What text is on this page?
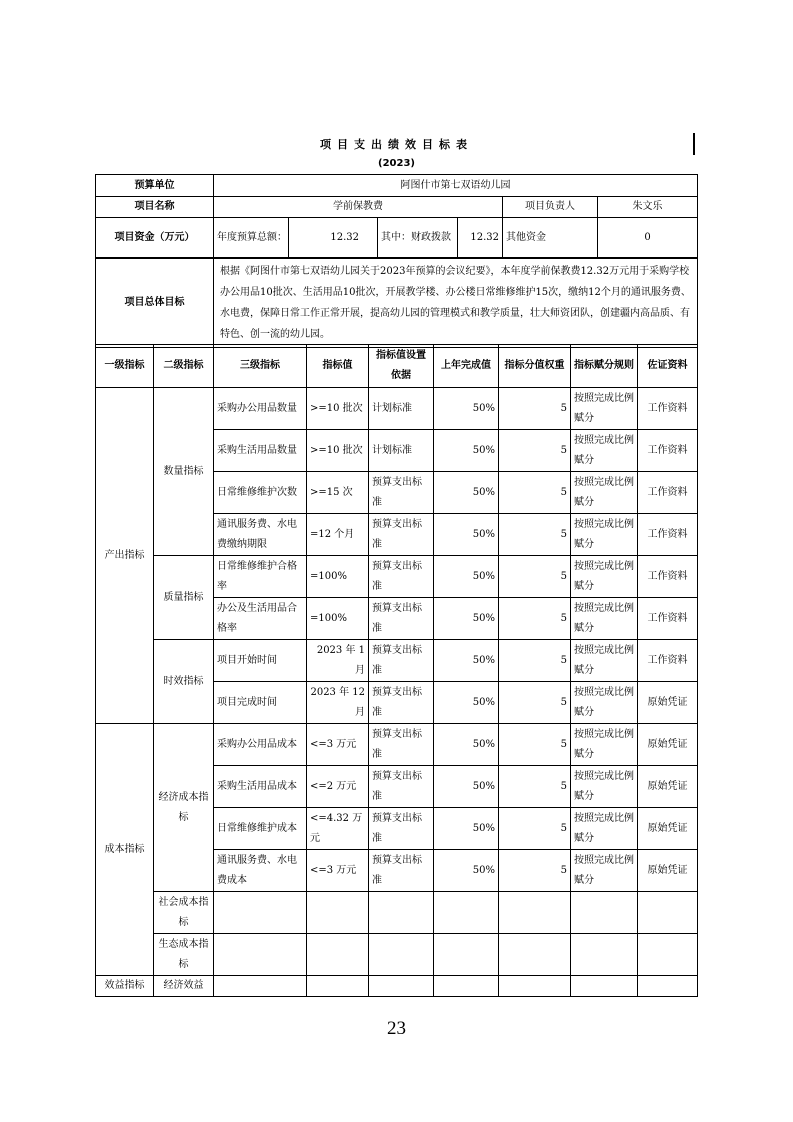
项目支出绩效目标表
(2023)
预算单位	阿图什市第七双语幼儿园					
项目名称	学前保教费				项目负责人	朱文乐
项目资金（万元）	年度预算总额：	12.32	其中：财政拨款	12.32	其他资金	0
项目总体目标	根据《阿图什市第七双语幼儿园关于2023年预算的会议纪要》，本年度学前保教费12.32万元用于采购学校办公用品10批次、生活用品10批次，开展教学楼、办公楼日常维修维护15次，缴纳12个月的通讯服务费、水电费，保障日常工作正常开展，提高幼儿园的管理模式和教学质量，壮大师资团队，创建疆内高品质、有特色、创一流的幼儿园。
一级指标	二级指标	三级指标	指标值	指标值设置依据	上年完成值	指标分值权重	指标赋分规则	佐证资料
产出指标	数量指标	采购办公用品数量	>=10 批次	计划标准	50%	5	按照完成比例赋分	工作资料
		采购生活用品数量	>=10 批次	计划标准	50%	5	按照完成比例赋分	工作资料
		日常维修维护次数	>=15 次	预算支出标准	50%	5	按照完成比例赋分	工作资料
		通讯服务费、水电费缴纳期限	=12 个月	预算支出标准	50%	5	按照完成比例赋分	工作资料
	质量指标	日常维修维护合格率	=100%	预算支出标准	50%	5	按照完成比例赋分	工作资料
		办公及生活用品合格率	=100%	预算支出标准	50%	5	按照完成比例赋分	工作资料
	时效指标	项目开始时间	2023 年 1 月	预算支出标准	50%	5	按照完成比例赋分	工作资料
		项目完成时间	2023 年 12 月	预算支出标准	50%	5	按照完成比例赋分	原始凭证
成本指标	经济成本指标	采购办公用品成本	<=3 万元	预算支出标准	50%	5	按照完成比例赋分	原始凭证
		采购生活用品成本	<=2 万元	预算支出标准	50%	5	按照完成比例赋分	原始凭证
		日常维修维护成本	<=4.32 万元	预算支出标准	50%	5	按照完成比例赋分	原始凭证
		通讯服务费、水电费成本	<=3 万元	预算支出标准	50%	5	按照完成比例赋分	原始凭证
	社会成本指标							
	生态成本指标							
效益指标	经济效益							
23
